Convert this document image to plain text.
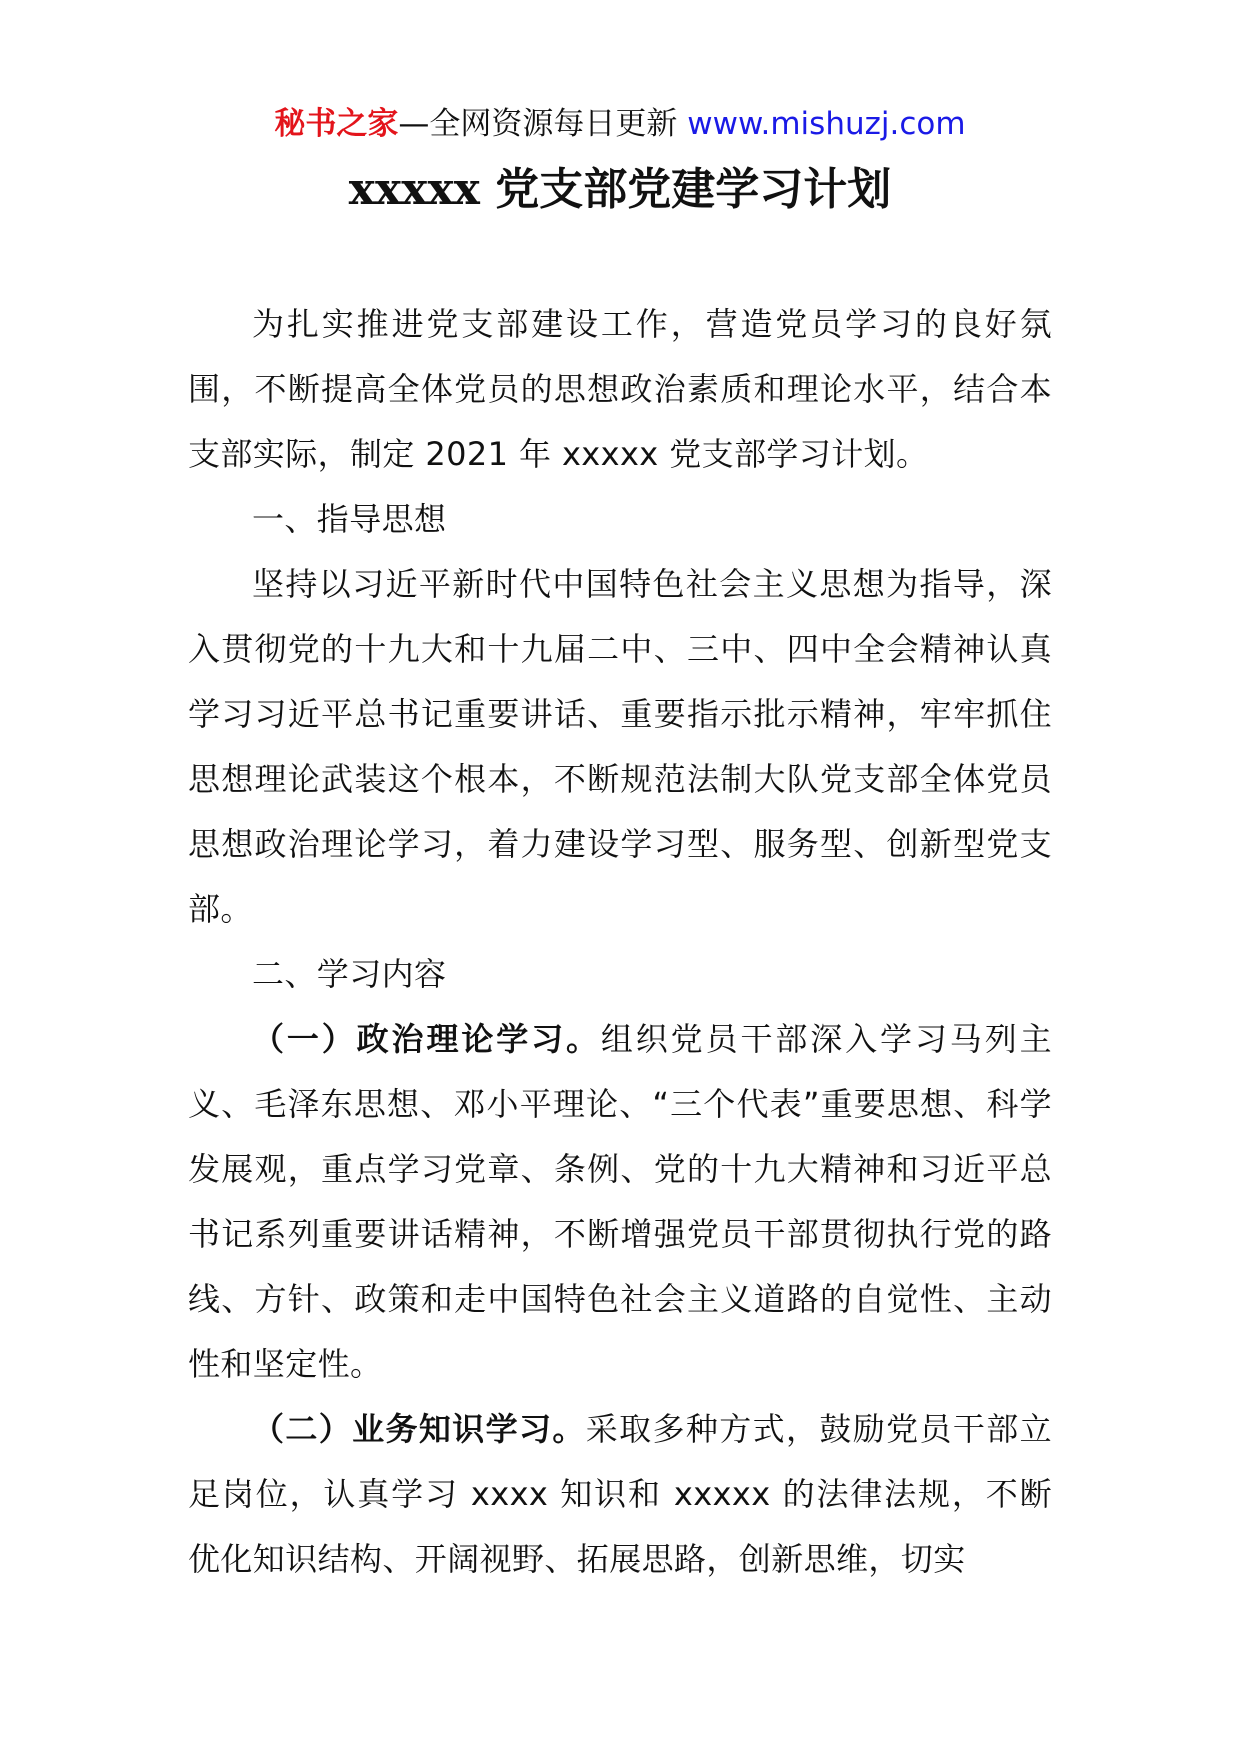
秘书之家—全网资源每日更新 www.mishuzj.com
xxxxx 党支部党建学习计划

为扎实推进党支部建设工作，营造党员学习的良好氛围，不断提高全体党员的思想政治素质和理论水平，结合本支部实际，制定 2021 年 xxxxx 党支部学习计划。

一、指导思想

坚持以习近平新时代中国特色社会主义思想为指导，深入贯彻党的十九大和十九届二中、三中、四中全会精神认真学习习近平总书记重要讲话、重要指示批示精神，牢牢抓住思想理论武装这个根本，不断规范法制大队党支部全体党员思想政治理论学习，着力建设学习型、服务型、创新型党支部。

二、学习内容

（一）政治理论学习。组织党员干部深入学习马列主义、毛泽东思想、邓小平理论、“三个代表”重要思想、科学发展观，重点学习党章、条例、党的十九大精神和习近平总书记系列重要讲话精神，不断增强党员干部贯彻执行党的路线、方针、政策和走中国特色社会主义道路的自觉性、主动性和坚定性。

（二）业务知识学习。采取多种方式，鼓励党员干部立足岗位，认真学习 xxxx 知识和 xxxxx 的法律法规，不断优化知识结构、开阔视野、拓展思路，创新思维，切实
